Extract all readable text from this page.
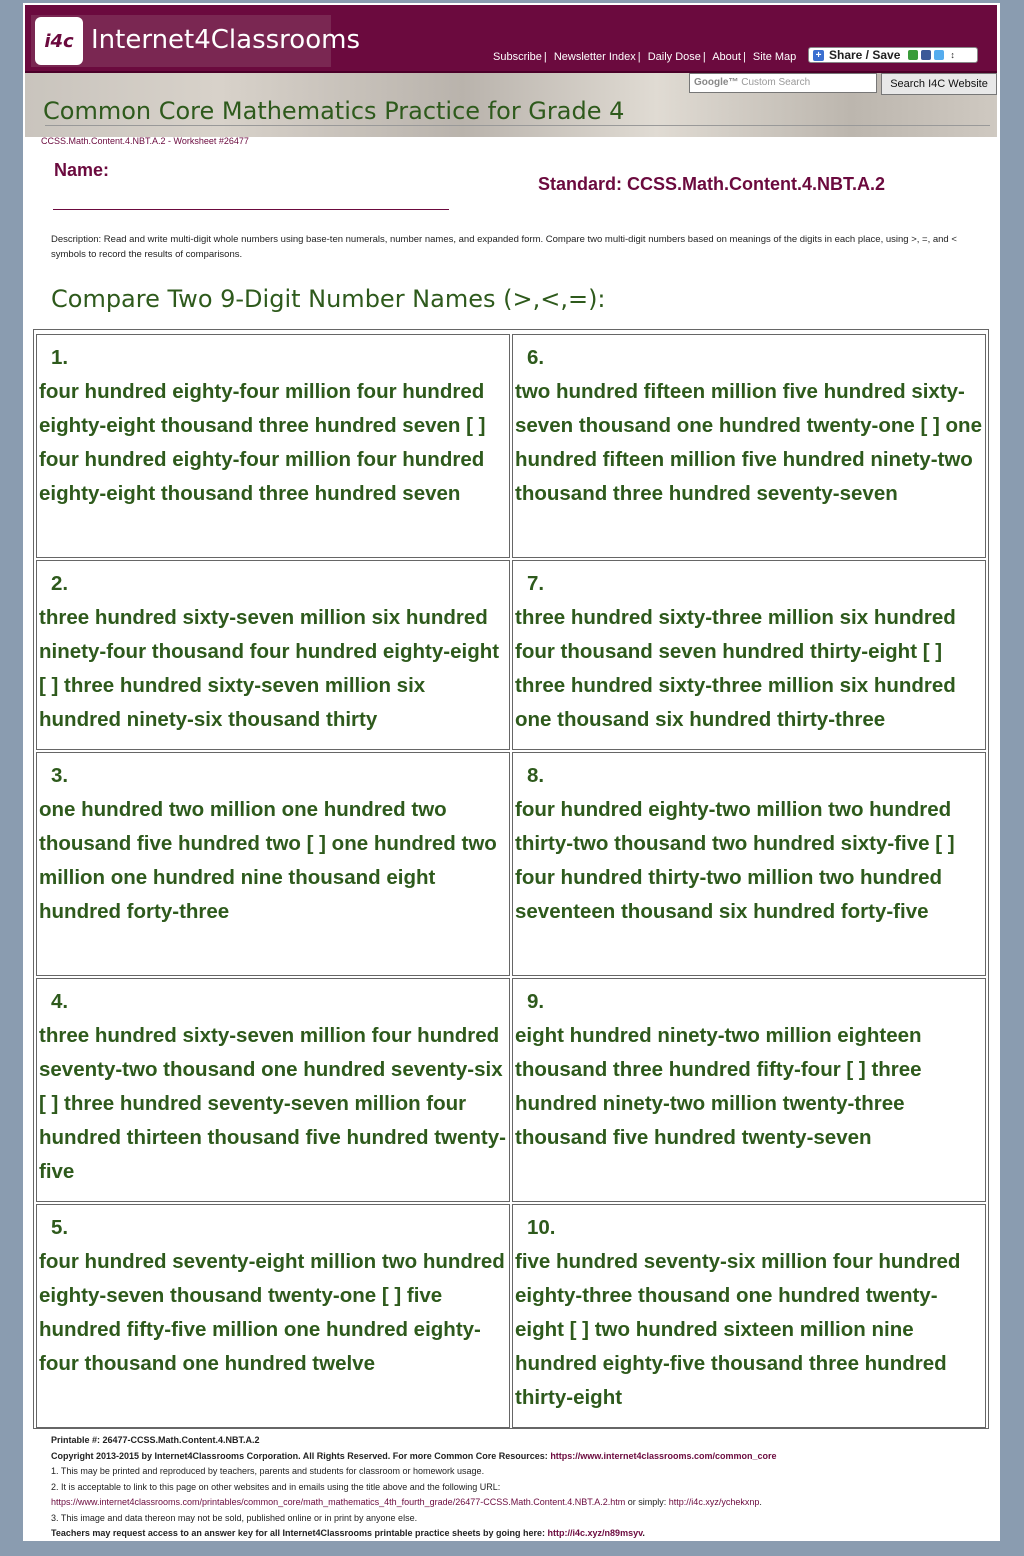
i4c Internet4Classrooms
Subscribe | Newsletter Index | Daily Dose | About | Site Map + Share / Save	↕
Google™ Custom Search	Search I4C Website
Common Core Mathematics Practice for Grade 4
CCSS.Math.Content.4.NBT.A.2 - Worksheet #26477
Name:
Standard: CCSS.Math.Content.4.NBT.A.2
Description: Read and write multi-digit whole numbers using base-ten numerals, number names, and expanded form. Compare two multi-digit numbers based on meanings of the digits in each place, using >, =, and < symbols to record the results of comparisons.
Compare Two 9-Digit Number Names (>,<,=):
1.
four hundred eighty-four million four hundred eighty-eight thousand three hundred seven [ ] four hundred eighty-four million four hundred eighty-eight thousand three hundred seven
2.
three hundred sixty-seven million six hundred ninety-four thousand four hundred eighty-eight [ ] three hundred sixty-seven million six hundred ninety-six thousand thirty
3.
one hundred two million one hundred two thousand five hundred two [ ] one hundred two million one hundred nine thousand eight hundred forty-three
4.
three hundred sixty-seven million four hundred seventy-two thousand one hundred seventy-six [ ] three hundred seventy-seven million four hundred thirteen thousand five hundred twenty-five
5.
four hundred seventy-eight million two hundred eighty-seven thousand twenty-one [ ] five hundred fifty-five million one hundred eighty-four thousand one hundred twelve
6.
two hundred fifteen million five hundred sixty-seven thousand one hundred twenty-one [ ] one hundred fifteen million five hundred ninety-two thousand three hundred seventy-seven
7.
three hundred sixty-three million six hundred four thousand seven hundred thirty-eight [ ] three hundred sixty-three million six hundred one thousand six hundred thirty-three
8.
four hundred eighty-two million two hundred thirty-two thousand two hundred sixty-five [ ] four hundred thirty-two million two hundred seventeen thousand six hundred forty-five
9.
eight hundred ninety-two million eighteen thousand three hundred fifty-four [ ] three hundred ninety-two million twenty-three thousand five hundred twenty-seven
10.
five hundred seventy-six million four hundred eighty-three thousand one hundred twenty-eight [ ] two hundred sixteen million nine hundred eighty-five thousand three hundred thirty-eight
Printable #: 26477-CCSS.Math.Content.4.NBT.A.2
Copyright 2013-2015 by Internet4Classrooms Corporation. All Rights Reserved. For more Common Core Resources: https://www.internet4classrooms.com/common_core
1. This may be printed and reproduced by teachers, parents and students for classroom or homework usage.
2. It is acceptable to link to this page on other websites and in emails using the title above and the following URL:
https://www.internet4classrooms.com/printables/common_core/math_mathematics_4th_fourth_grade/26477-CCSS.Math.Content.4.NBT.A.2.htm or simply: http://i4c.xyz/ychekxnp.
3. This image and data thereon may not be sold, published online or in print by anyone else.
Teachers may request access to an answer key for all Internet4Classrooms printable practice sheets by going here: http://i4c.xyz/n89msyv.
